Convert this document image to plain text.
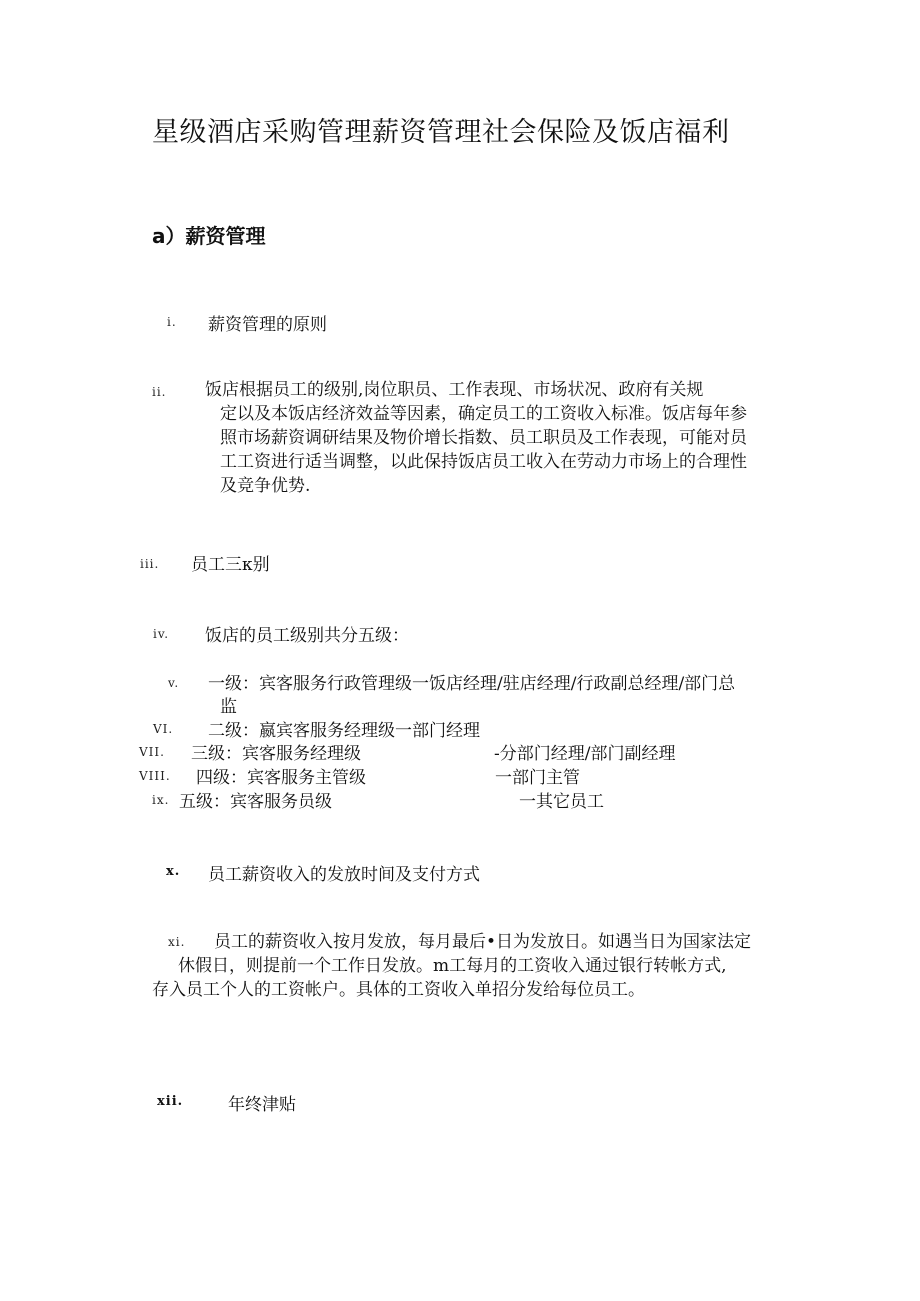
星级酒店采购管理薪资管理社会保险及饭店福利
a）薪资管理
i. 薪资管理的原则
ii. 饭店根据员工的级别,岗位职员、工作表现、市场状况、政府有关规
定以及本饭店经济效益等因素，确定员工的工资收入标准。饭店每年参
照市场薪资调研结果及物价增长指数、员工职员及工作表现，可能对员
工工资进行适当调整，以此保持饭店员工收入在劳动力市场上的合理性
及竞争优势.
iii. 员工三κ别
iv. 饭店的员工级别共分五级：
v. 一级：宾客服务行政管理级一饭店经理/驻店经理/行政副总经理/部门总
监
VI. 二级：嬴宾客服务经理级一部门经理
VII. 三级：宾客服务经理级	-分部门经理/部门副经理
VIII. 四级：宾客服务主管级	一部门主管
ix. 五级：宾客服务员级	一其它员工
x. 员工薪资收入的发放时间及支付方式
xi.	员工的薪资收入按月发放，每月最后•日为发放日。如遇当日为国家法定
休假日，则提前一个工作日发放。m工每月的工资收入通过银行转帐方式,
存入员工个人的工资帐户。具体的工资收入单招分发给每位员工。
xii.	年终津贴
